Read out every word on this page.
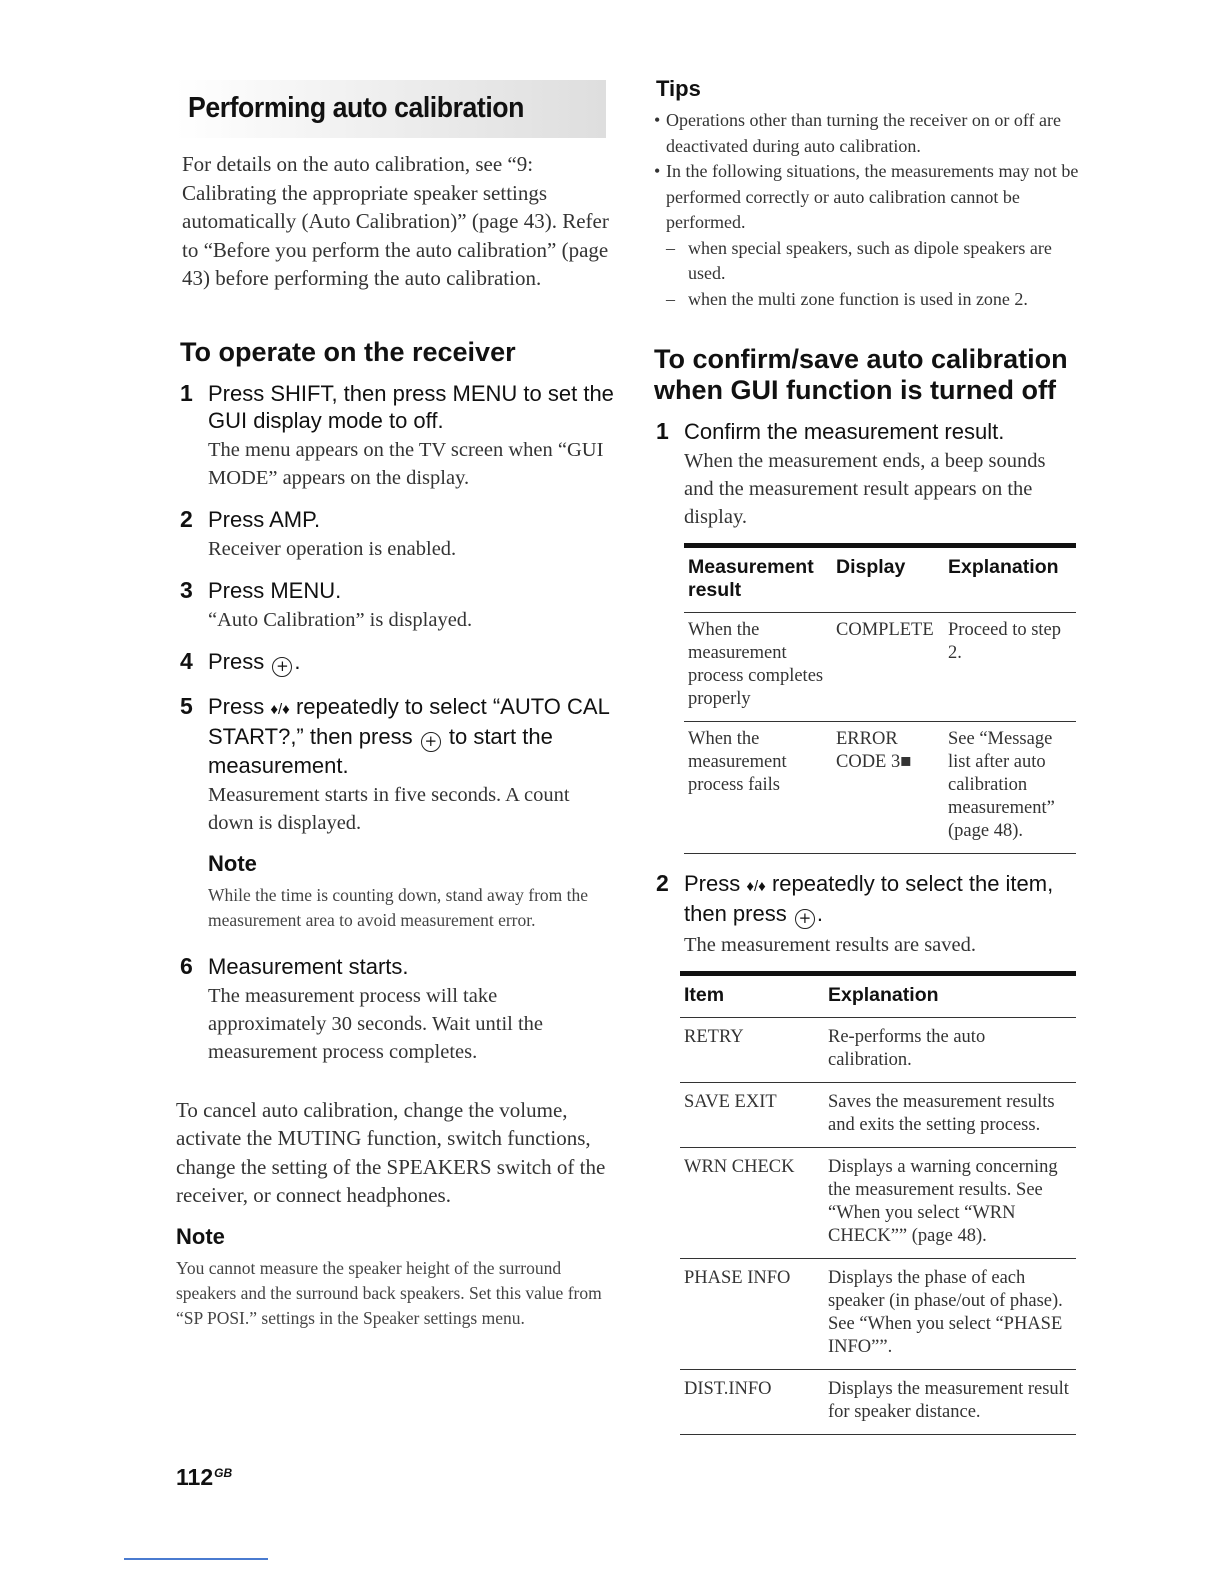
Performing auto calibration

For details on the auto calibration, see “9: Calibrating the appropriate speaker settings automatically (Auto Calibration)” (page 43). Refer to “Before you perform the auto calibration” (page 43) before performing the auto calibration.

To operate on the receiver
1 Press SHIFT, then press MENU to set the GUI display mode to off.
The menu appears on the TV screen when “GUI MODE” appears on the display.
2 Press AMP.
Receiver operation is enabled.
3 Press MENU.
“Auto Calibration” is displayed.
4 Press + .
5 Press ♦/♦ repeatedly to select “AUTO CAL START?,” then press + to start the measurement.
Measurement starts in five seconds. A count down is displayed.
Note
While the time is counting down, stand away from the measurement area to avoid measurement error.
6 Measurement starts.
The measurement process will take approximately 30 seconds. Wait until the measurement process completes.

To cancel auto calibration, change the volume, activate the MUTING function, switch functions, change the setting of the SPEAKERS switch of the receiver, or connect headphones.

Note
You cannot measure the speaker height of the surround speakers and the surround back speakers. Set this value from “SP POSI.” settings in the Speaker settings menu.
Tips
• Operations other than turning the receiver on or off are deactivated during auto calibration.
• In the following situations, the measurements may not be performed correctly or auto calibration cannot be performed.
– when special speakers, such as dipole speakers are used.
– when the multi zone function is used in zone 2.
To confirm/save auto calibration when GUI function is turned off
1 Confirm the measurement result.
When the measurement ends, a beep sounds and the measurement result appears on the display.
Measurement result	Display	Explanation
When the measurement process completes properly	COMPLETE	Proceed to step 2.
When the measurement process fails	ERROR CODE 3■	See “Message list after auto calibration measurement” (page 48).
2 Press ♦/♦ repeatedly to select the item, then press + .
The measurement results are saved.
Item	Explanation
RETRY	Re-performs the auto calibration.
SAVE EXIT	Saves the measurement results and exits the setting process.
WRN CHECK	Displays a warning concerning the measurement results. See “When you select “WRN CHECK”” (page 48).
PHASE INFO	Displays the phase of each speaker (in phase/out of phase). See “When you select “PHASE INFO””.
DIST.INFO	Displays the measurement result for speaker distance.
$112^{GB}$
